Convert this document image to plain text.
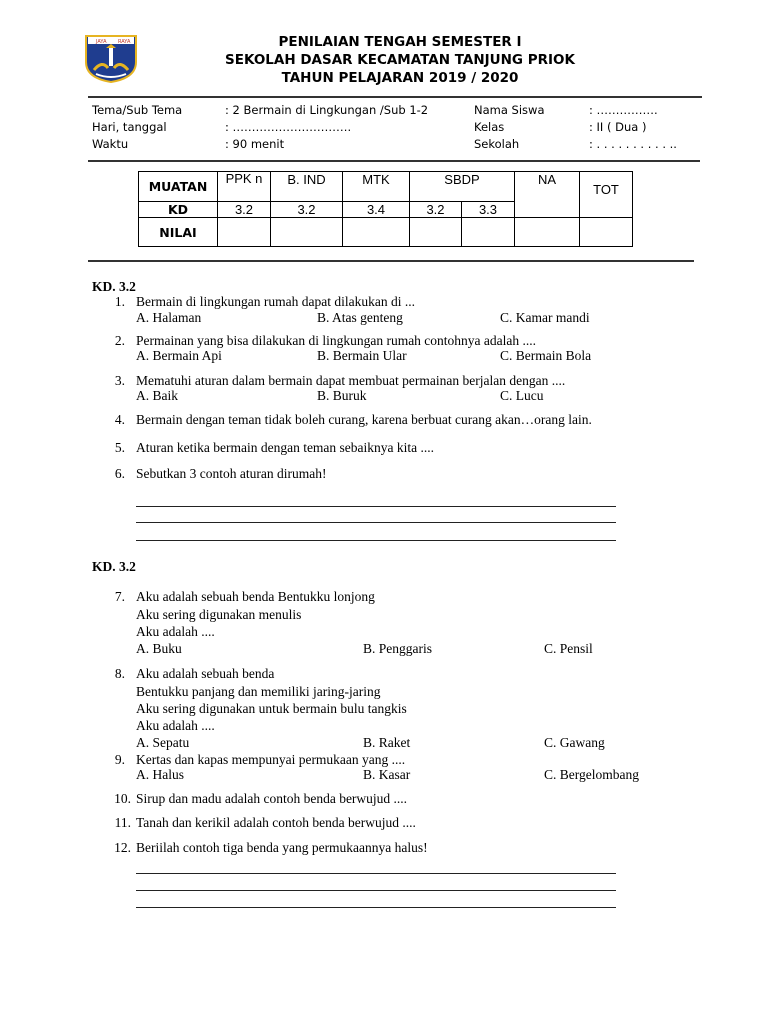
JAYA RAYA	PENILAIAN TENGAH SEMESTER I
SEKOLAH DASAR KECAMATAN TANJUNG PRIOK
TAHUN PELAJARAN 2019 / 2020
Tema/Sub Tema	: 2 Bermain di Lingkungan /Sub 1-2
Hari, tanggal	: ………………………….
Waktu	: 90 menit
Nama Siswa	: …………….
Kelas	: II ( Dua )
Sekolah	: . . . . . . . . . . ..
MUATAN	PPK n	B. IND	MTK	SBDP		NA	TOT
KD	3.2	3.2	3.4	3.2	3.3		
NILAI							
KD. 3.2
1. Bermain di lingkungan rumah dapat dilakukan di ...
A. Halaman	B. Atas genteng	C. Kamar mandi
2. Permainan yang bisa dilakukan di lingkungan rumah contohnya adalah ....
A. Bermain Api	B. Bermain Ular	C. Bermain Bola
3. Mematuhi aturan dalam bermain dapat membuat permainan berjalan dengan ....
A. Baik	B. Buruk	C. Lucu
4. Bermain dengan teman tidak boleh curang, karena berbuat curang akan…orang lain.
5. Aturan ketika bermain dengan teman sebaiknya kita ....
6. Sebutkan 3 contoh aturan dirumah!
KD. 3.2
7. Aku adalah sebuah benda Bentukku lonjong
Aku sering digunakan menulis
Aku adalah ....
A. Buku	B. Penggaris	C. Pensil
8. Aku adalah sebuah benda
Bentukku panjang dan memiliki jaring-jaring
Aku sering digunakan untuk bermain bulu tangkis
Aku adalah ....
A. Sepatu	B. Raket	C. Gawang
9. Kertas dan kapas mempunyai permukaan yang ....
A. Halus	B. Kasar	C. Bergelombang
10. Sirup dan madu adalah contoh benda berwujud ....
11. Tanah dan kerikil adalah contoh benda berwujud ....
12. Beriilah contoh tiga benda yang permukaannya halus!
